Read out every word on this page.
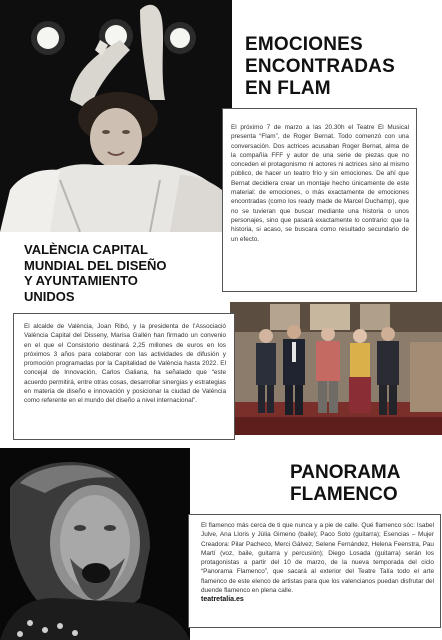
EMOCIONES
ENCONTRADAS
EN FLAM
El próximo 7 de marzo a las 20.30h el Teatre El Musical presenta “Flam”, de Roger Bernat. Todo comenzó con una conversación. Dos actrices acusaban Roger Bernat, alma de la compañía FFF y autor de una serie de piezas que no conceden el protagonismo ni actores ni actrices sino al mismo público, de hacer un teatro frío y sin emociones. De ahí que Bernat decidiera crear un montaje hecho únicamente de este material: de emociones, o más exactamente de emociones encontradas (como los ready made de Marcel Duchamp), que no se tuvieran que buscar mediante una historia o unos personajes, sino que pasará exactamente lo contrario: que la historia, si acaso, se buscara como resultado secundario de un efecto.
VALÈNCIA CAPITAL
MUNDIAL DEL DISEÑO
Y AYUNTAMIENTO
UNIDOS
El alcalde de València, Joan Ribó, y la presidenta de l’Associació València Capital del Disseny, Marisa Gallén han firmado un convenio en el que el Consistorio destinará 2,25 millones de euros en los próximos 3 años para colaborar con las actividades de difusión y promoción programadas por la Capitalidad de València hasta 2022. El concejal de Innovación, Carlos Galiana, ha señalado que “este acuerdo permitirá, entre otras cosas, desarrollar sinergias y estrategias en materia de diseño e innovación y posicionar la ciudad de València como referente en el mundo del diseño a nivel internacional”.
PANORAMA
FLAMENCO
El flamenco más cerca de ti que nunca y a pie de calle. Qué flamenco sóc: Isabel Julve, Ana Lloris y Júlia Gimeno (baile); Paco Soto (guitarra); Esencias – Mujer Creadora: Pilar Pacheco, Merci Gálvez, Selene Fernández, Helena Feenstra, Pau Martí (voz, baile, guitarra y percusión); Diego Losada (guitarra) serán los protagonistas a partir del 10 de marzo, de la nueva temporada del ciclo “Panorama Flamenco”, que sacará al exterior del Teatre Talía todo el arte flamenco de este elenco de artistas para que los valencianos puedan disfrutar del duende flamenco en plena calle.
teatretalia.es
